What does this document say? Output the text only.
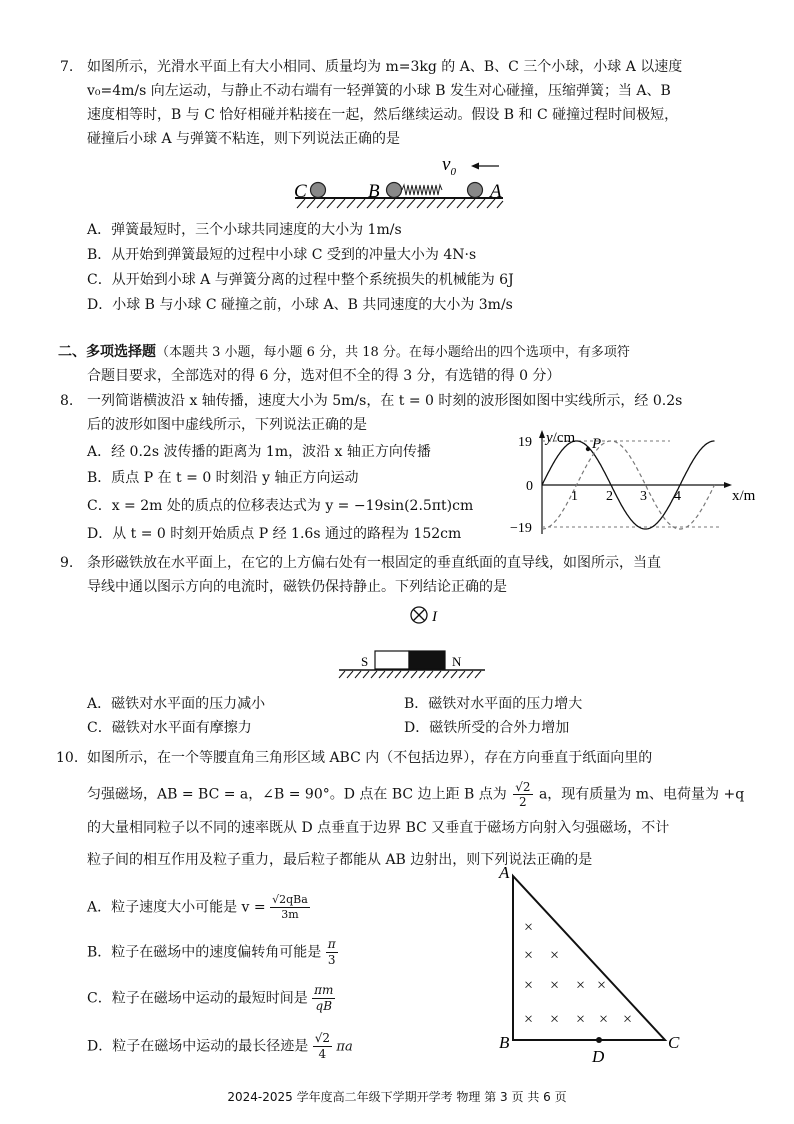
7. 如图所示，光滑水平面上有大小相同、质量均为 m=3kg 的 A、B、C 三个小球，小球 A 以速度
v₀=4m/s 向左运动，与静止不动右端有一轻弹簧的小球 B 发生对心碰撞，压缩弹簧；当 A、B
速度相等时，B 与 C 恰好相碰并粘接在一起，然后继续运动。假设 B 和 C 碰撞过程时间极短，
碰撞后小球 A 与弹簧不粘连，则下列说法正确的是
$v_0$
C	B	A
A．弹簧最短时，三个小球共同速度的大小为 1m/s
B．从开始到弹簧最短的过程中小球 C 受到的冲量大小为 4N·s
C．从开始到小球 A 与弹簧分离的过程中整个系统损失的机械能为 6J
D．小球 B 与小球 C 碰撞之前，小球 A、B 共同速度的大小为 3m/s
二、多项选择题（本题共 3 小题，每小题 6 分，共 18 分。在每小题给出的四个选项中，有多项符
合题目要求，全部选对的得 6 分，选对但不全的得 3 分，有选错的得 0 分）
8. 一列简谐横波沿 x 轴传播，速度大小为 5m/s，在 t = 0 时刻的波形图如图中实线所示，经 0.2s
后的波形如图中虚线所示，下列说法正确的是
A．经 0.2s 波传播的距离为 1m，波沿 x 轴正方向传播
B．质点 P 在 t = 0 时刻沿 y 轴正方向运动
C．x = 2m 处的质点的位移表达式为 y = −19sin(2.5πt)cm
D．从 t = 0 时刻开始质点 P 经 1.6s 通过的路程为 152cm
P
y/cm
19
−19
0
1 2 3 4	x/m
9. 条形磁铁放在水平面上，在它的上方偏右处有一根固定的垂直纸面的直导线，如图所示，当直
导线中通以图示方向的电流时，磁铁仍保持静止。下列结论正确的是
I
S	N
A．磁铁对水平面的压力减小	B．磁铁对水平面的压力增大
C．磁铁对水平面有摩擦力	D．磁铁所受的合外力增加
10. 如图所示，在一个等腰直角三角形区域 ABC 内（不包括边界），存在方向垂直于纸面向里的
匀强磁场，AB = BC = a，∠B = 90°。D 点在 BC 边上距 B 点为 $\frac{√2}{2}$ a，现有质量为 m、电荷量为 +q
的大量相同粒子以不同的速率既从 D 点垂直于边界 BC 又垂直于磁场方向射入匀强磁场，不计
粒子间的相互作用及粒子重力，最后粒子都能从 AB 边射出，则下列说法正确的是
A．粒子速度大小可能是 v = √2qBa
3m
B．粒子在磁场中的速度偏转角可能是 $\frac{\pi}{3}$
C．粒子在磁场中运动的最短时间是 $\frac{\pi m}{qB}$
D．粒子在磁场中运动的最长径迹是 $\frac{√2}{4}$ πa
A
B	C
D
×
× ×
× × × ×
× × × × ×
2024-2025 学年度高二年级下学期开学考 物理 第 3 页 共 6 页
